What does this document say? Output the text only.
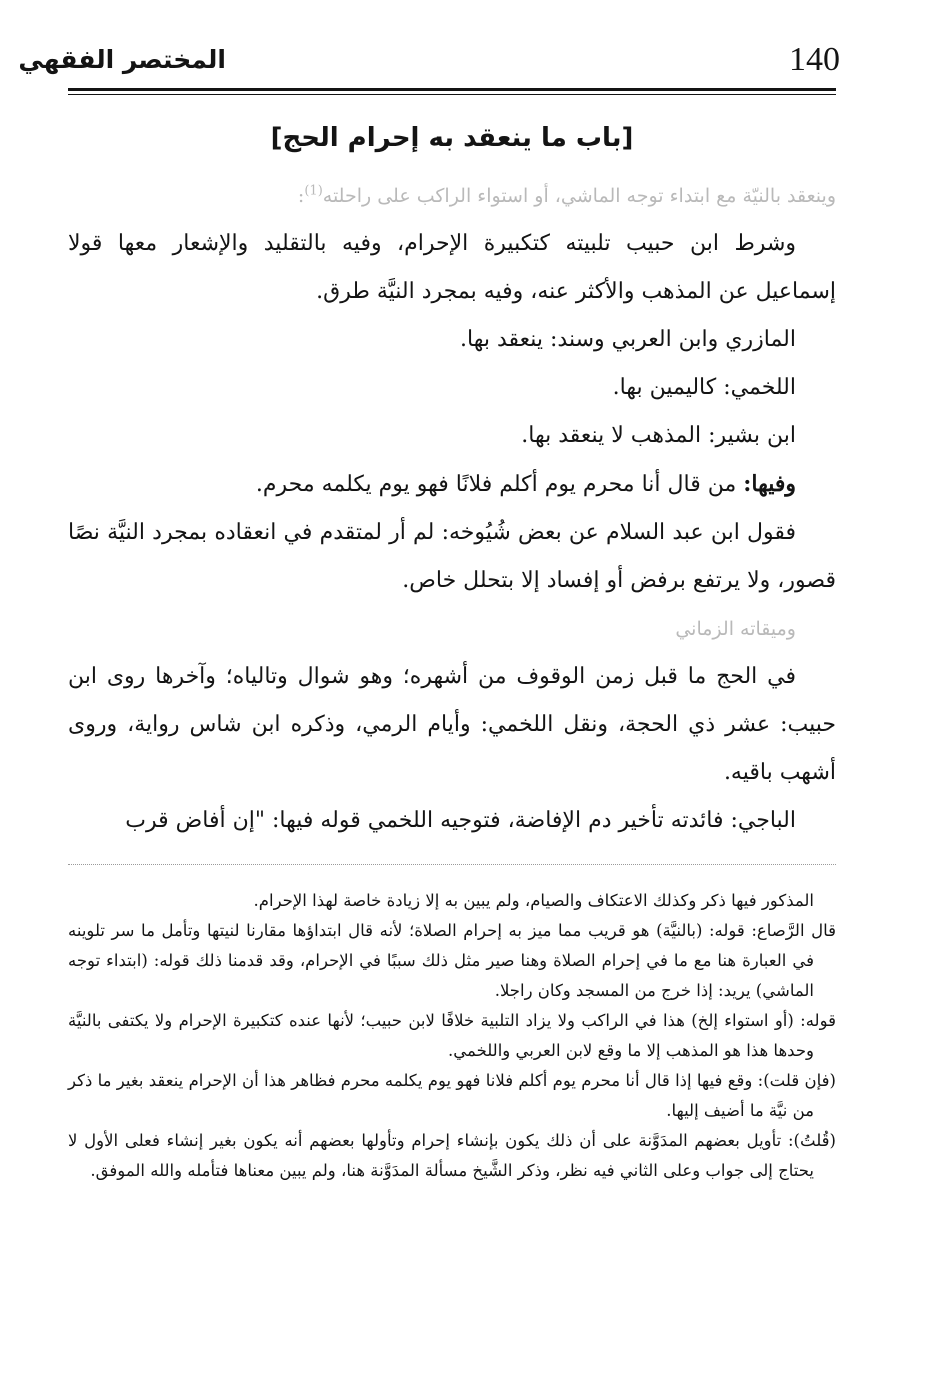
140
المختصر الفقهي
[باب ما ينعقد به إحرام الحج]

وينعقد بالنيّة مع ابتداء توجه الماشي، أو استواء الراكب على راحلته$^{(1)}$:

وشرط ابن حبيب تلبيته كتكبيرة الإحرام، وفيه بالتقليد والإشعار معها قولا إسماعيل عن المذهب والأكثر عنه، وفيه بمجرد النيَّة طرق.

المازري وابن العربي وسند: ينعقد بها.

اللخمي: كاليمين بها.

ابن بشير: المذهب لا ينعقد بها.

وفيها: من قال أنا محرم يوم أكلم فلانًا فهو يوم يكلمه محرم.

فقول ابن عبد السلام عن بعض شُيُوخه: لم أر لمتقدم في انعقاده بمجرد النيَّة نصًا قصور، ولا يرتفع برفض أو إفساد إلا بتحلل خاص.

وميقاته الزماني

في الحج ما قبل زمن الوقوف من أشهره؛ وهو شوال وتالياه؛ وآخرها روى ابن حبيب: عشر ذي الحجة، ونقل اللخمي: وأيام الرمي، وذكره ابن شاس رواية، وروى أشهب باقيه.

الباجي: فائدته تأخير دم الإفاضة، فتوجيه اللخمي قوله فيها: "إن أفاض قرب

المذكور فيها ذكر وكذلك الاعتكاف والصيام، ولم يبين به إلا زيادة خاصة لهذا الإحرام.

قال الرَّصاع: قوله: (بالنيَّة) هو قريب مما ميز به إحرام الصلاة؛ لأنه قال ابتداؤها مقارنا لنيتها وتأمل ما سر تلوينه في العبارة هنا مع ما في إحرام الصلاة وهنا صير مثل ذلك سببًا في الإحرام، وقد قدمنا ذلك قوله: (ابتداء توجه الماشي) يريد: إذا خرج من المسجد وكان راجلا.

قوله: (أو استواء إلخ) هذا في الراكب ولا يزاد التلبية خلافًا لابن حبيب؛ لأنها عنده كتكبيرة الإحرام ولا يكتفى بالنيَّة وحدها هذا هو المذهب إلا ما وقع لابن العربي واللخمي.

(فإن قلت): وقع فيها إذا قال أنا محرم يوم أكلم فلانا فهو يوم يكلمه محرم فظاهر هذا أن الإحرام ينعقد بغير ما ذكر من نيَّة ما أضيف إليها.

(قُلتُ): تأويل بعضهم المدَوَّنة على أن ذلك يكون بإنشاء إحرام وتأولها بعضهم أنه يكون بغير إنشاء فعلى الأول لا يحتاج إلى جواب وعلى الثاني فيه نظر، وذكر الشَّيخ مسألة المدَوَّنة هنا، ولم يبين معناها فتأمله والله الموفق.
